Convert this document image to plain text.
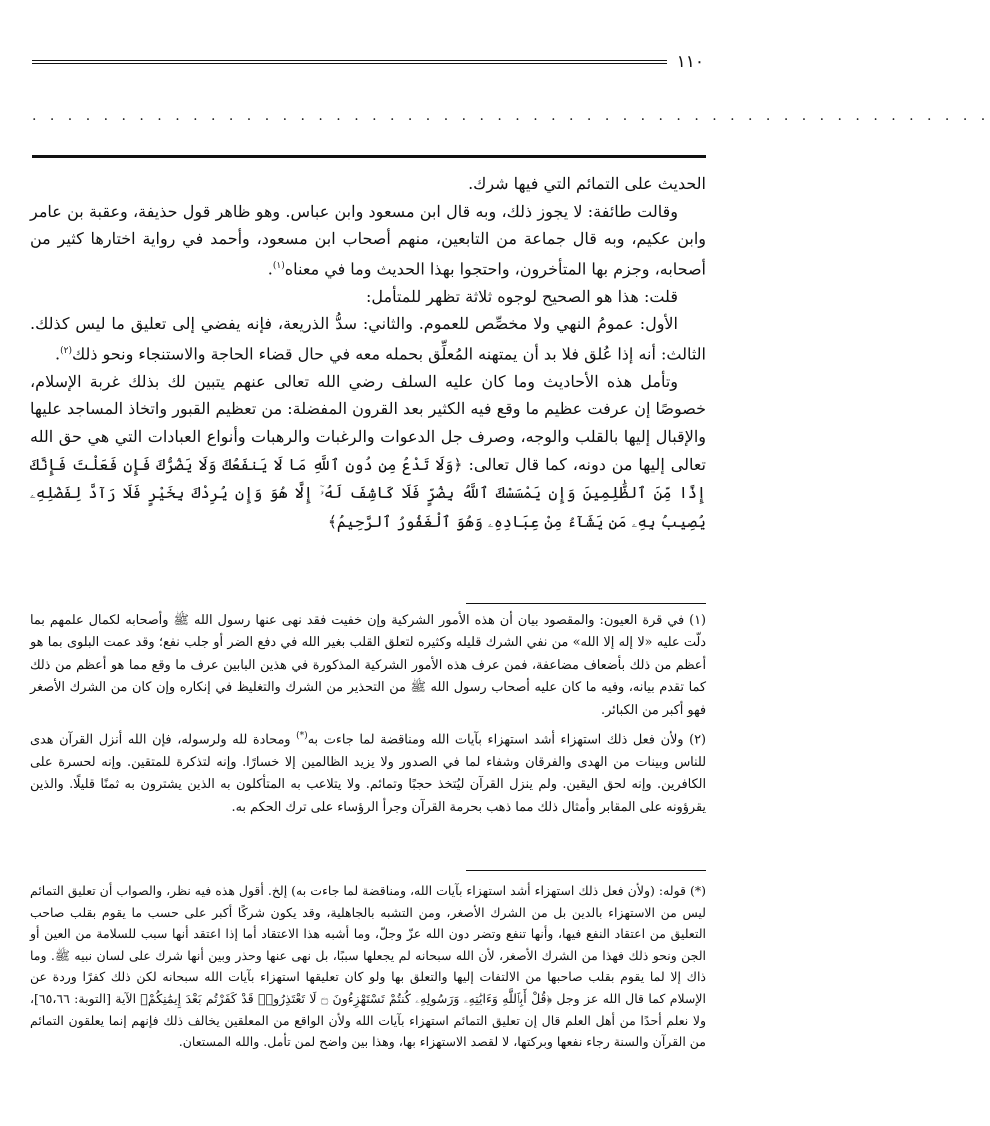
١١٠
. . . . . . . . . . . . . . . . . . . . . . . . . . . . . . . . . . . . . . . . . . . . . . . . . . . . . .

الحديث على التمائم التي فيها شرك.

وقالت طائفة: لا يجوز ذلك، وبه قال ابن مسعود وابن عباس. وهو ظاهر قول حذيفة، وعقبة بن عامر وابن عكيم، وبه قال جماعة من التابعين، منهم أصحاب ابن مسعود، وأحمد في رواية اختارها كثير من أصحابه، وجزم بها المتأخرون، واحتجوا بهذا الحديث وما في معناه$^{(١)}$.

قلت: هذا هو الصحيح لوجوه ثلاثة تظهر للمتأمل:

الأول: عمومُ النهي ولا مخصِّص للعموم. والثاني: سدُّ الذريعة، فإنه يفضي إلى تعليق ما ليس كذلك. الثالث: أنه إذا عُلق فلا بد أن يمتهنه المُعلِّق بحمله معه في حال قضاء الحاجة والاستنجاء ونحو ذلك$^{(٢)}$.

وتأمل هذه الأحاديث وما كان عليه السلف رضي الله تعالى عنهم يتبين لك بذلك غربة الإسلام، خصوصًا إن عرفت عظيم ما وقع فيه الكثير بعد القرون المفضلة: من تعظيم القبور واتخاذ المساجد عليها والإقبال إليها بالقلب والوجه، وصرف جل الدعوات والرغبات والرهبات وأنواع العبادات التي هي حق الله تعالى إليها من دونه، كما قال تعالى: ﴿وَلَا تَدْعُ مِن دُونِ ٱللَّهِ مَا لَا يَنفَعُكَ وَلَا يَضُرُّكَ فَإِن فَعَلْتَ فَإِنَّكَ إِذًا مِّنَ ٱلظَّٰلِمِينَ وَإِن يَمْسَسْكَ ٱللَّهُ بِضُرٍّ فَلَا كَاشِفَ لَهُۥٓ إِلَّا هُوَ وَإِن يُرِدْكَ بِخَيْرٍ فَلَا رَآدَّ لِفَضْلِهِۦ يُصِيبُ بِهِۦ مَن يَشَآءُ مِنْ عِبَادِهِۦ وَهُوَ ٱلْغَفُورُ ٱلرَّحِيمُ﴾

(١) في قرة العيون: والمقصود بيان أن هذه الأمور الشركية وإن خفيت فقد نهى عنها رسول الله ﷺ وأصحابه لكمال علمهم بما دلّت عليه «لا إله إلا الله» من نفي الشرك قليله وكثيره لتعلق القلب بغير الله في دفع الضر أو جلب نفع؛ وقد عمت البلوى بما هو أعظم من ذلك بأضعاف مضاعفة، فمن عرف هذه الأمور الشركية المذكورة في هذين البابين عرف ما وقع مما هو أعظم من ذلك كما تقدم بيانه، وفيه ما كان عليه أصحاب رسول الله ﷺ من التحذير من الشرك والتغليظ في إنكاره وإن كان من الشرك الأصغر فهو أكبر من الكبائر.

(٢) ولأن فعل ذلك استهزاء أشد استهزاء بآيات الله ومناقضة لما جاءت به(*) ومحادة لله ولرسوله، فإن الله أنزل القرآن هدى للناس وبينات من الهدى والفرقان وشفاء لما في الصدور ولا يزيد الظالمين إلا خسارًا. وإنه لتذكرة للمتقين. وإنه لحسرة على الكافرين. وإنه لحق اليقين. ولم ينزل القرآن ليُتخذ حجبًا وتمائم. ولا يتلاعب به المتأكلون به الذين يشترون به ثمنًا قليلًا. والذين يقرؤونه على المقابر وأمثال ذلك مما ذهب بحرمة القرآن وجرأ الرؤساء على ترك الحكم به.

(*) قوله: (ولأن فعل ذلك استهزاء أشد استهزاء بآيات الله، ومناقضة لما جاءت به) إلخ. أقول هذه فيه نظر، والصواب أن تعليق التمائم ليس من الاستهزاء بالدين بل من الشرك الأصغر، ومن التشبه بالجاهلية، وقد يكون شركًا أكبر على حسب ما يقوم بقلب صاحب التعليق من اعتقاد النفع فيها، وأنها تنفع وتضر دون الله عزّ وجلّ، وما أشبه هذا الاعتقاد أما إذا اعتقد أنها سبب للسلامة من العين أو الجن ونحو ذلك فهذا من الشرك الأصغر، لأن الله سبحانه لم يجعلها سببًا، بل نهى عنها وحذر وبين أنها شرك على لسان نبيه ﷺ. وما ذاك إلا لما يقوم بقلب صاحبها من الالتفات إليها والتعلق بها ولو كان تعليقها استهزاء بآيات الله سبحانه لكن ذلك كفرًا وردة عن الإسلام كما قال الله عز وجل ﴿قُلْ أَبِٱللَّهِ وَءَايَٰتِهِۦ وَرَسُولِهِۦ كُنتُمْ تَسْتَهْزِءُونَ ۝ لَا تَعْتَذِرُوا۟ قَدْ كَفَرْتُم بَعْدَ إِيمَٰنِكُمْ﴾ الآية [التوبة: ٦٥،٦٦]، ولا نعلم أحدًا من أهل العلم قال إن تعليق التمائم استهزاء بآيات الله ولأن الواقع من المعلقين يخالف ذلك فإنهم إنما يعلقون التمائم من القرآن والسنة رجاء نفعها وبركتها، لا لقصد الاستهزاء بها، وهذا بين واضح لمن تأمل. والله المستعان.
